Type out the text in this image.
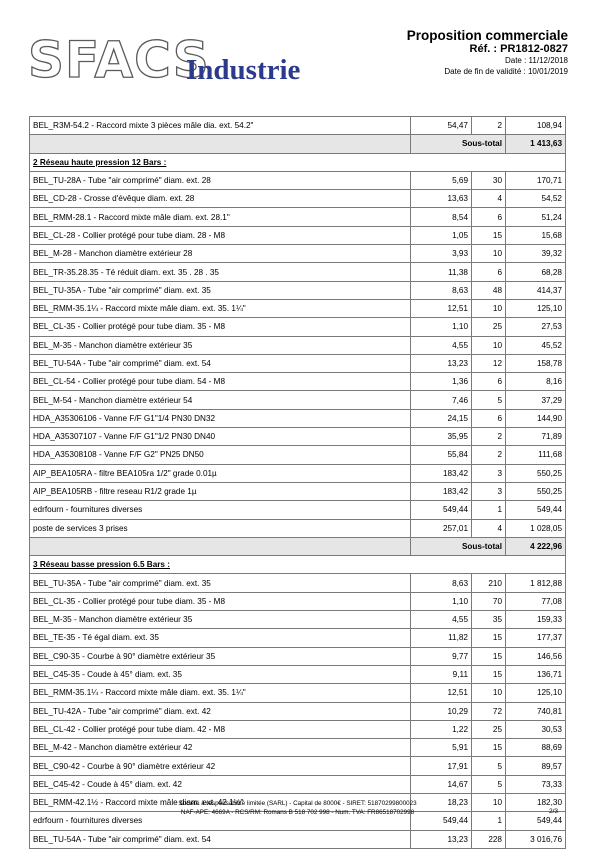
SFACS
Industrie
Proposition commerciale
Réf. : PR1812-0827
Date : 11/12/2018
Date de fin de validité : 10/01/2019
BEL_R3M-54.2 - Raccord mixte 3 pièces mâle dia. ext. 54.2"	54,47	2	108,94
	Sous-total		1 413,63
2 Réseau haute pression 12 Bars :			
BEL_TU-28A - Tube "air comprimé" diam. ext. 28	5,69	30	170,71
BEL_CD-28 - Crosse d'évêque diam. ext. 28	13,63	4	54,52
BEL_RMM-28.1 - Raccord mixte mâle diam. ext. 28.1"	8,54	6	51,24
BEL_CL-28 - Collier protégé pour tube diam. 28 - M8	1,05	15	15,68
BEL_M-28 - Manchon diamètre extérieur 28	3,93	10	39,32
BEL_TR-35.28.35 - Té réduit diam. ext. 35 . 28 . 35	11,38	6	68,28
BEL_TU-35A - Tube "air comprimé" diam. ext. 35	8,63	48	414,37
BEL_RMM-35.1¼ - Raccord mixte mâle diam. ext. 35. 1¼"	12,51	10	125,10
BEL_CL-35 - Collier protégé pour tube diam. 35 - M8	1,10	25	27,53
BEL_M-35 - Manchon diamètre extérieur 35	4,55	10	45,52
BEL_TU-54A - Tube "air comprimé" diam. ext. 54	13,23	12	158,78
BEL_CL-54 - Collier protégé pour tube diam. 54 - M8	1,36	6	8,16
BEL_M-54 - Manchon diamètre extérieur 54	7,46	5	37,29
HDA_A35306106 - Vanne F/F G1"1/4 PN30 DN32	24,15	6	144,90
HDA_A35307107 - Vanne F/F G1"1/2 PN30 DN40	35,95	2	71,89
HDA_A35308108 - Vanne F/F G2" PN25 DN50	55,84	2	111,68
AIP_BEA105RA - filtre BEA105ra 1/2" grade 0.01µ	183,42	3	550,25
AIP_BEA105RB - filtre reseau R1/2 grade 1µ	183,42	3	550,25
edrfourn - fournitures diverses	549,44	1	549,44
poste de services 3 prises	257,01	4	1 028,05
	Sous-total		4 222,96
3 Réseau basse pression 6.5 Bars :			
BEL_TU-35A - Tube "air comprimé" diam. ext. 35	8,63	210	1 812,88
BEL_CL-35 - Collier protégé pour tube diam. 35 - M8	1,10	70	77,08
BEL_M-35 - Manchon diamètre extérieur 35	4,55	35	159,33
BEL_TE-35 - Té égal diam. ext. 35	11,82	15	177,37
BEL_C90-35 - Courbe à 90° diamètre extérieur 35	9,77	15	146,56
BEL_C45-35 - Coude à 45° diam. ext. 35	9,11	15	136,71
BEL_RMM-35.1¼ - Raccord mixte mâle diam. ext. 35. 1¼"	12,51	10	125,10
BEL_TU-42A - Tube "air comprimé" diam. ext. 42	10,29	72	740,81
BEL_CL-42 - Collier protégé pour tube diam. 42 - M8	1,22	25	30,53
BEL_M-42 - Manchon diamètre extérieur 42	5,91	15	88,69
BEL_C90-42 - Courbe à 90° diamètre extérieur 42	17,91	5	89,57
BEL_C45-42 - Coude à 45° diam. ext. 42	14,67	5	73,33
BEL_RMM-42.1½ - Raccord mixte mâle diam. ext. 42.1½"	18,23	10	182,30
edrfourn - fournitures diverses	549,44	1	549,44
BEL_TU-54A - Tube "air comprimé" diam. ext. 54	13,23	228	3 016,76
Société à responsabilité limitée (SARL) - Capital de 8000€ - SIRET: 51870299800023
NAF-APE: 4669A - RCS/RM: Romans B 518 702 998 - Num. TVA: FR86518702998	2/3
